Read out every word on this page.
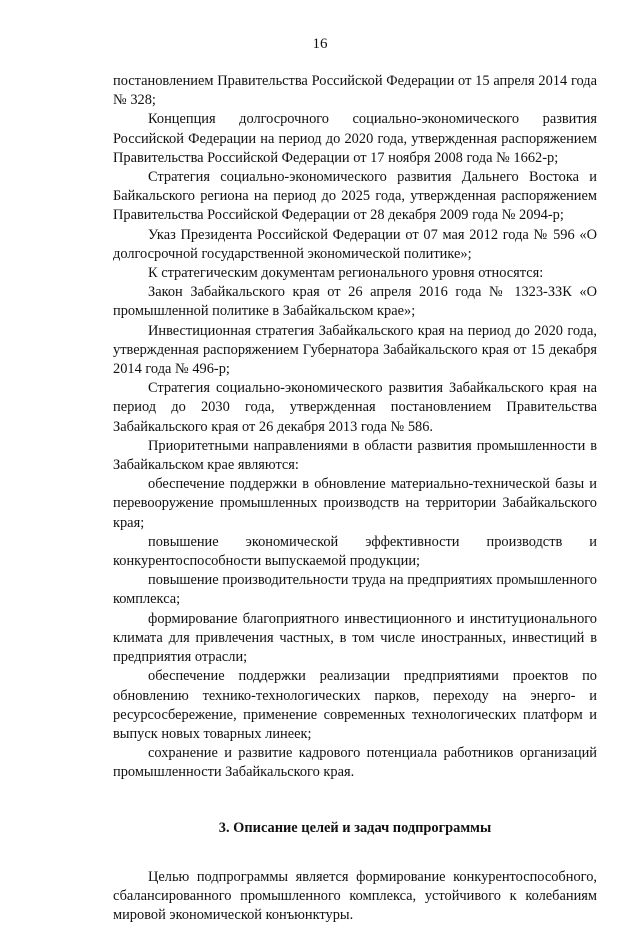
16

постановлением Правительства Российской Федерации от 15 апреля 2014 года № 328;

Концепция долгосрочного социально-экономического развития Российской Федерации на период до 2020 года, утвержденная распоряжением Правительства Российской Федерации от 17 ноября 2008 года № 1662-р;

Стратегия социально-экономического развития Дальнего Востока и Байкальского региона на период до 2025 года, утвержденная распоряжением Правительства Российской Федерации от 28 декабря 2009 года № 2094-р;

Указ Президента Российской Федерации от 07 мая 2012 года № 596 «О долгосрочной государственной экономической политике»;

К стратегическим документам регионального уровня относятся:

Закон Забайкальского края от 26 апреля 2016 года № 1323-ЗЗК «О промышленной политике в Забайкальском крае»;

Инвестиционная стратегия Забайкальского края на период до 2020 года, утвержденная распоряжением Губернатора Забайкальского края от 15 декабря 2014 года № 496-р;

Стратегия социально-экономического развития Забайкальского края на период до 2030 года, утвержденная постановлением Правительства Забайкальского края от 26 декабря 2013 года № 586.

Приоритетными направлениями в области развития промышленности в Забайкальском крае являются:

обеспечение поддержки в обновление материально-технической базы и перевооружение промышленных производств на территории Забайкальского края;

повышение экономической эффективности производств и конкурентоспособности выпускаемой продукции;

повышение производительности труда на предприятиях промышленного комплекса;

формирование благоприятного инвестиционного и институционального климата для привлечения частных, в том числе иностранных, инвестиций в предприятия отрасли;

обеспечение поддержки реализации предприятиями проектов по обновлению технико-технологических парков, переходу на энерго- и ресурсосбережение, применение современных технологических платформ и выпуск новых товарных линеек;

сохранение и развитие кадрового потенциала работников организаций промышленности Забайкальского края.

3. Описание целей и задач подпрограммы

Целью подпрограммы является формирование конкурентоспособного, сбалансированного промышленного комплекса, устойчивого к колебаниям мировой экономической конъюнктуры.
